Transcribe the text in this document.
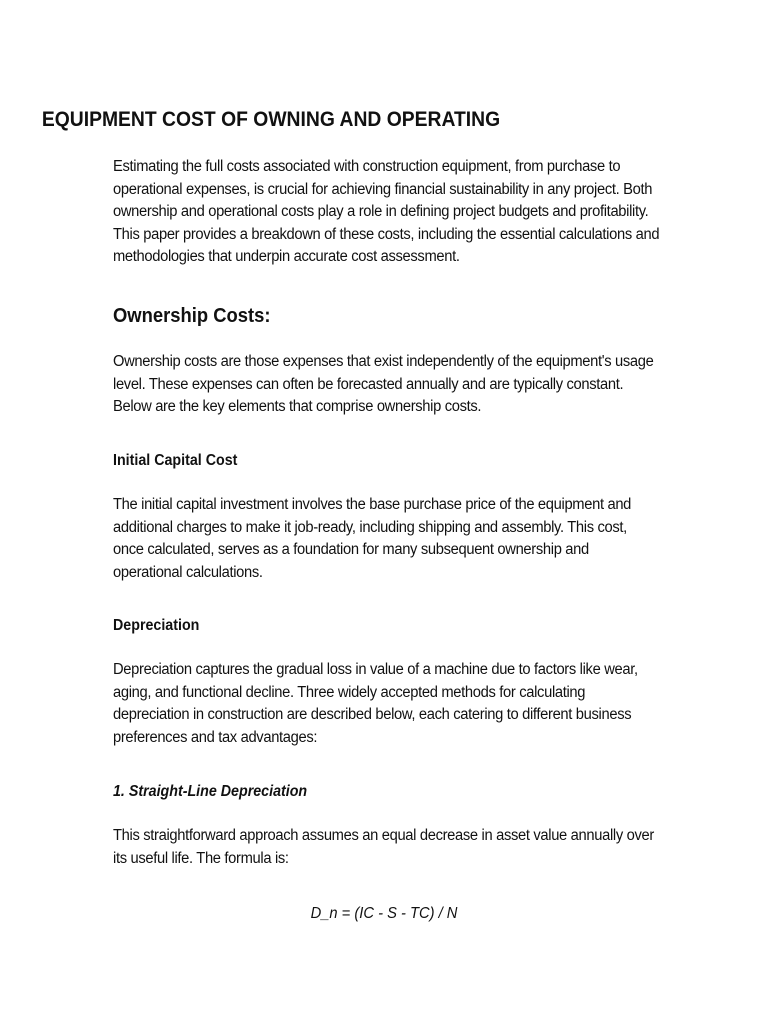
EQUIPMENT COST OF OWNING AND OPERATING

Estimating the full costs associated with construction equipment, from purchase to operational expenses, is crucial for achieving financial sustainability in any project. Both ownership and operational costs play a role in defining project budgets and profitability. This paper provides a breakdown of these costs, including the essential calculations and methodologies that underpin accurate cost assessment.

Ownership Costs:

Ownership costs are those expenses that exist independently of the equipment's usage level. These expenses can often be forecasted annually and are typically constant. Below are the key elements that comprise ownership costs.

Initial Capital Cost

The initial capital investment involves the base purchase price of the equipment and additional charges to make it job-ready, including shipping and assembly. This cost, once calculated, serves as a foundation for many subsequent ownership and operational calculations.

Depreciation

Depreciation captures the gradual loss in value of a machine due to factors like wear, aging, and functional decline. Three widely accepted methods for calculating depreciation in construction are described below, each catering to different business preferences and tax advantages:

1. Straight-Line Depreciation

This straightforward approach assumes an equal decrease in asset value annually over its useful life. The formula is:

D_n = (IC - S - TC) / N
